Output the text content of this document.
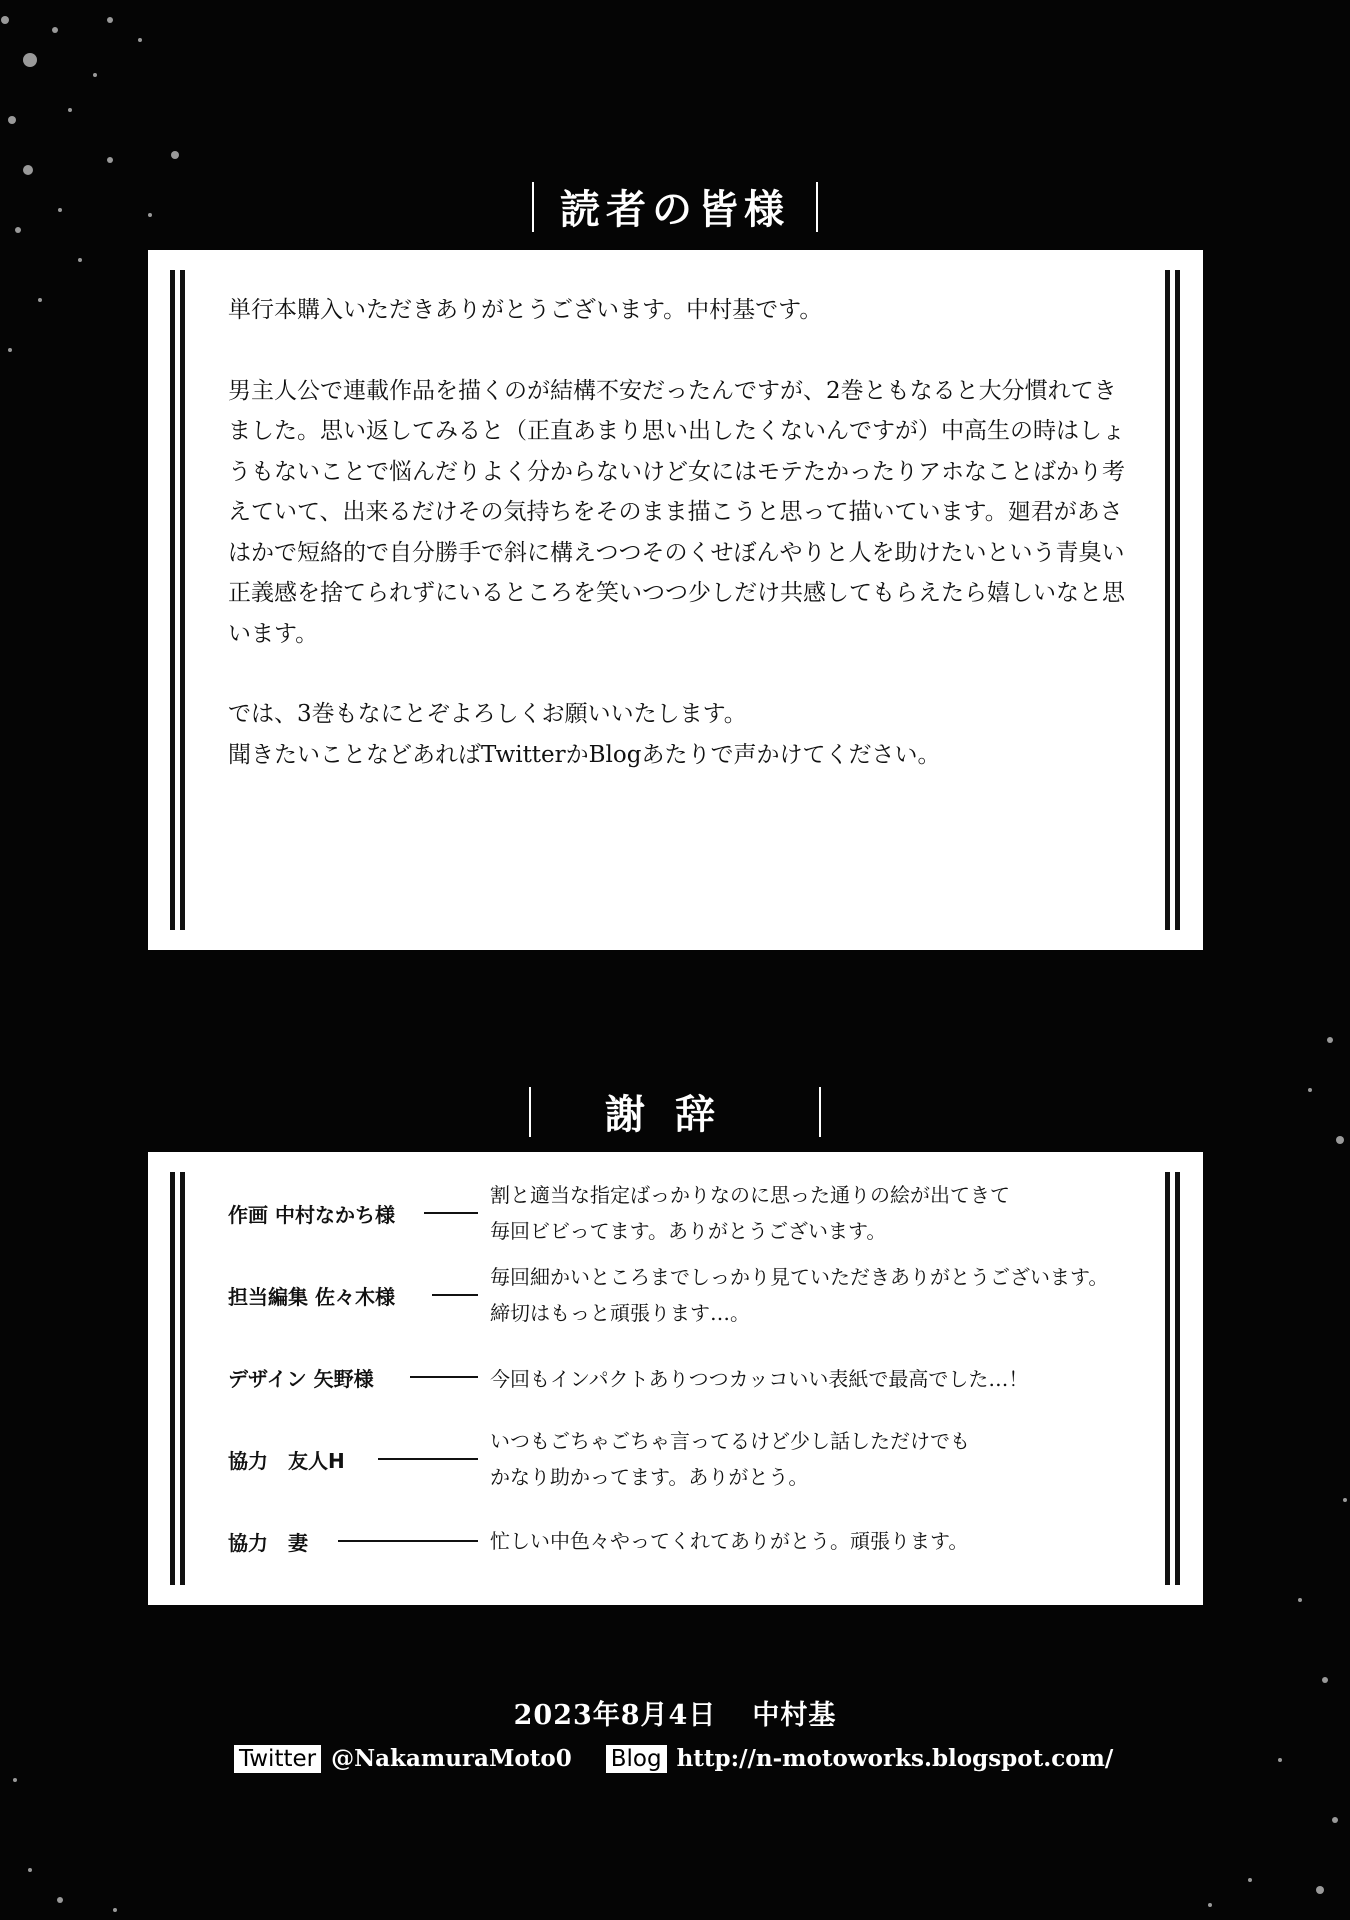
読者の皆様

単行本購入いただきありがとうございます。中村基です。

男主人公で連載作品を描くのが結構不安だったんですが、2巻ともなると大分慣れてきました。思い返してみると（正直あまり思い出したくないんですが）中高生の時はしょうもないことで悩んだりよく分からないけど女にはモテたかったりアホなことばかり考えていて、出来るだけその気持ちをそのまま描こうと思って描いています。廻君があさはかで短絡的で自分勝手で斜に構えつつそのくせぼんやりと人を助けたいという青臭い正義感を捨てられずにいるところを笑いつつ少しだけ共感してもらえたら嬉しいなと思います。

では、3巻もなにとぞよろしくお願いいたします。

聞きたいことなどあればTwitterかBlogあたりで声かけてください。

謝辞
作画 中村なかち様
割と適当な指定ばっかりなのに思った通りの絵が出てきて
毎回ビビってます。ありがとうございます。
担当編集 佐々木様
毎回細かいところまでしっかり見ていただきありがとうございます。
締切はもっと頑張ります…。
デザイン 矢野様	今回もインパクトありつつカッコいい表紙で最高でした…！
協力　友人H
いつもごちゃごちゃ言ってるけど少し話しただけでも
かなり助かってます。ありがとう。
協力　妻	忙しい中色々やってくれてありがとう。頑張ります。
2023年8月4日 中村基
Twitter @NakamuraMoto0 Blog http://n-motoworks.blogspot.com/
